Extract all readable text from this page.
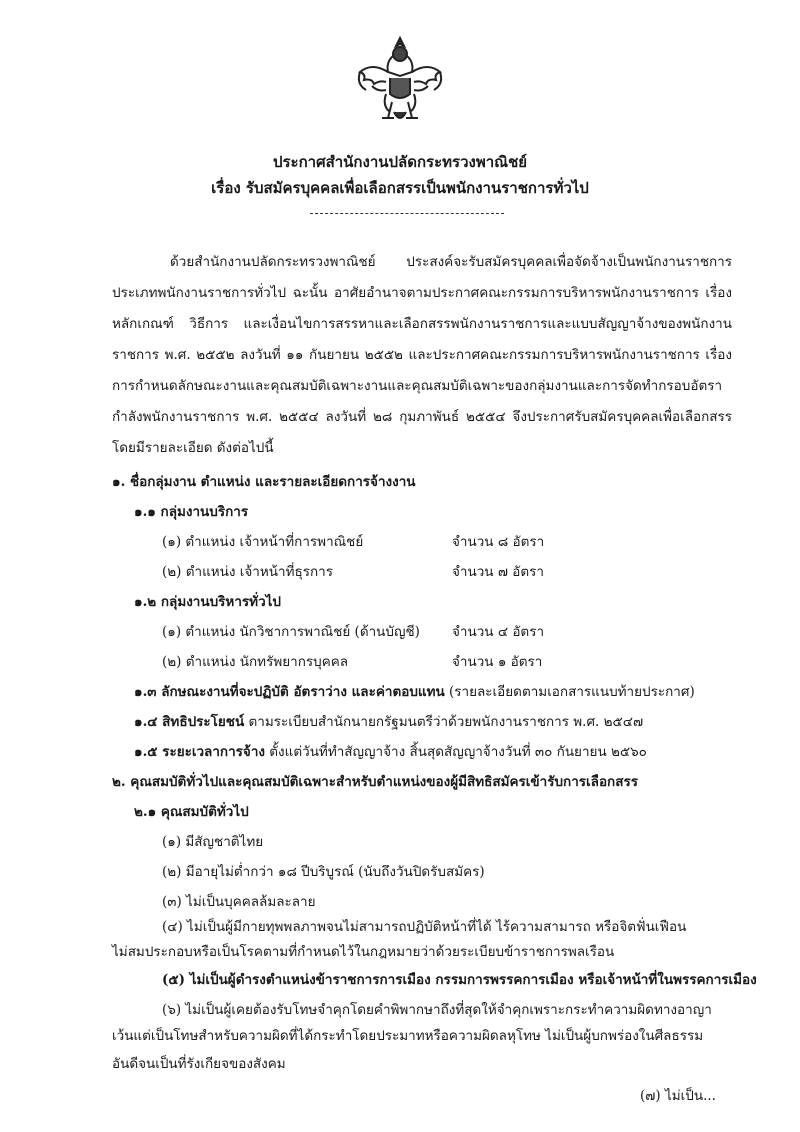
ประกาศสำนักงานปลัดกระทรวงพาณิชย์
เรื่อง รับสมัครบุคคลเพื่อเลือกสรรเป็นพนักงานราชการทั่วไป
ด้วยสำนักงานปลัดกระทรวงพาณิชย์ ประสงค์จะรับสมัครบุคคลเพื่อจัดจ้างเป็นพนักงานราชการประเภทพนักงานราชการทั่วไป ฉะนั้น อาศัยอำนาจตามประกาศคณะกรรมการบริหารพนักงานราชการ เรื่อง หลักเกณฑ์ วิธีการ และเงื่อนไขการสรรหาและเลือกสรรพนักงานราชการและแบบสัญญาจ้างของพนักงานราชการ พ.ศ. ๒๕๕๒ ลงวันที่ ๑๑ กันยายน ๒๕๕๒ และประกาศคณะกรรมการบริหารพนักงานราชการ เรื่อง การกำหนดลักษณะงานและคุณสมบัติเฉพาะงานและคุณสมบัติเฉพาะของกลุ่มงานและการจัดทำกรอบอัตรากำลังพนักงานราชการ พ.ศ. ๒๕๕๔ ลงวันที่ ๒๘ กุมภาพันธ์ ๒๕๕๔ จึงประกาศรับสมัครบุคคลเพื่อเลือกสรร โดยมีรายละเอียด ดังต่อไปนี้
๑. ชื่อกลุ่มงาน ตำแหน่ง และรายละเอียดการจ้างงาน
๑.๑ กลุ่มงานบริการ
(๑) ตำแหน่ง เจ้าหน้าที่การพาณิชย์	จำนวน ๘ อัตรา
(๒) ตำแหน่ง เจ้าหน้าที่ธุรการ	จำนวน ๗ อัตรา
๑.๒ กลุ่มงานบริหารทั่วไป
(๑) ตำแหน่ง นักวิชาการพาณิชย์ (ด้านบัญชี) จำนวน ๔ อัตรา
(๒) ตำแหน่ง นักทรัพยากรบุคคล	จำนวน ๑ อัตรา
๑.๓ ลักษณะงานที่จะปฏิบัติ อัตราว่าง และค่าตอบแทน (รายละเอียดตามเอกสารแนบท้ายประกาศ)
๑.๔ สิทธิประโยชน์ ตามระเบียบสำนักนายกรัฐมนตรีว่าด้วยพนักงานราชการ พ.ศ. ๒๕๔๗
๑.๕ ระยะเวลาการจ้าง ตั้งแต่วันที่ทำสัญญาจ้าง สิ้นสุดสัญญาจ้างวันที่ ๓๐ กันยายน ๒๕๖๐
๒. คุณสมบัติทั่วไปและคุณสมบัติเฉพาะสำหรับตำแหน่งของผู้มีสิทธิสมัครเข้ารับการเลือกสรร
๒.๑ คุณสมบัติทั่วไป
(๑) มีสัญชาติไทย
(๒) มีอายุไม่ต่ำกว่า ๑๘ ปีบริบูรณ์ (นับถึงวันปิดรับสมัคร)
(๓) ไม่เป็นบุคคลล้มละลาย
(๔) ไม่เป็นผู้มีกายทุพพลภาพจนไม่สามารถปฏิบัติหน้าที่ได้ ไร้ความสามารถ หรือจิตฟั่นเฟือน
ไม่สมประกอบหรือเป็นโรคตามที่กำหนดไว้ในกฎหมายว่าด้วยระเบียบข้าราชการพลเรือน
(๕) ไม่เป็นผู้ดำรงตำแหน่งข้าราชการการเมือง กรรมการพรรคการเมือง หรือเจ้าหน้าที่ในพรรคการเมือง
(๖) ไม่เป็นผู้เคยต้องรับโทษจำคุกโดยคำพิพากษาถึงที่สุดให้จำคุกเพราะกระทำความผิดทางอาญา
เว้นแต่เป็นโทษสำหรับความผิดที่ได้กระทำโดยประมาทหรือความผิดลหุโทษ ไม่เป็นผู้บกพร่องในศีลธรรม
อันดีจนเป็นที่รังเกียจของสังคม
(๗) ไม่เป็น...
